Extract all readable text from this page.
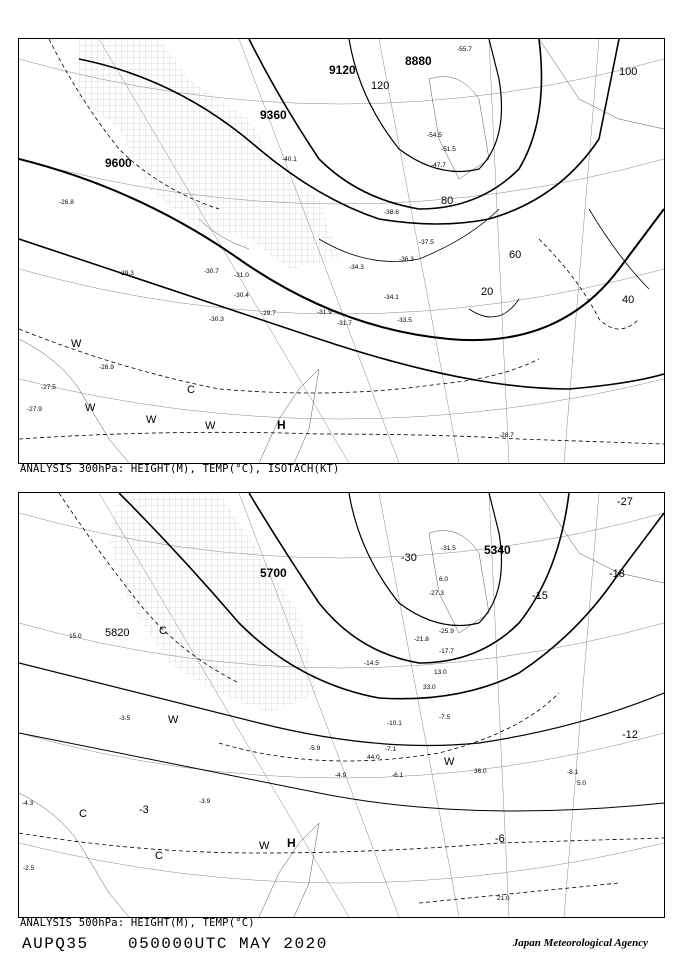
8880
9120
9360
9600
20
40
60
80
100
120
-55.7
-54.5
-51.5
-47.7
-40.1
-38.6
-37.5
-36.3
-34.3
-34.1
-33.5
-31.9
-31.7
-31.0
-30.7
-30.4
-30.3
-29.7
-29.3
-28.9
-28.7
-27.9
-27.5
-26.8
W
W
W	W
C
H
ANALYSIS 300hPa: HEIGHT(M), TEMP(°C), ISOTACH(KT)
5340
5700
5820
-3
-6
-12
-15
-18
-27
-30
-31.5
-27.3
-25.9
-21.8
-17.7
-14.5
-10.1
-8.1
-7.5
-7.1
-6.1
-5.9
-4.9
-4.3	-3.9
-3.5
-2.5
5.0
6.0
13.0
15.0
21.0
33.0
36.0
44.0
C
C
C
W
W
W
H
ANALYSIS 500hPa: HEIGHT(M), TEMP(°C)
AUPQ35 050000UTC MAY 2020	Japan Meteorological Agency
